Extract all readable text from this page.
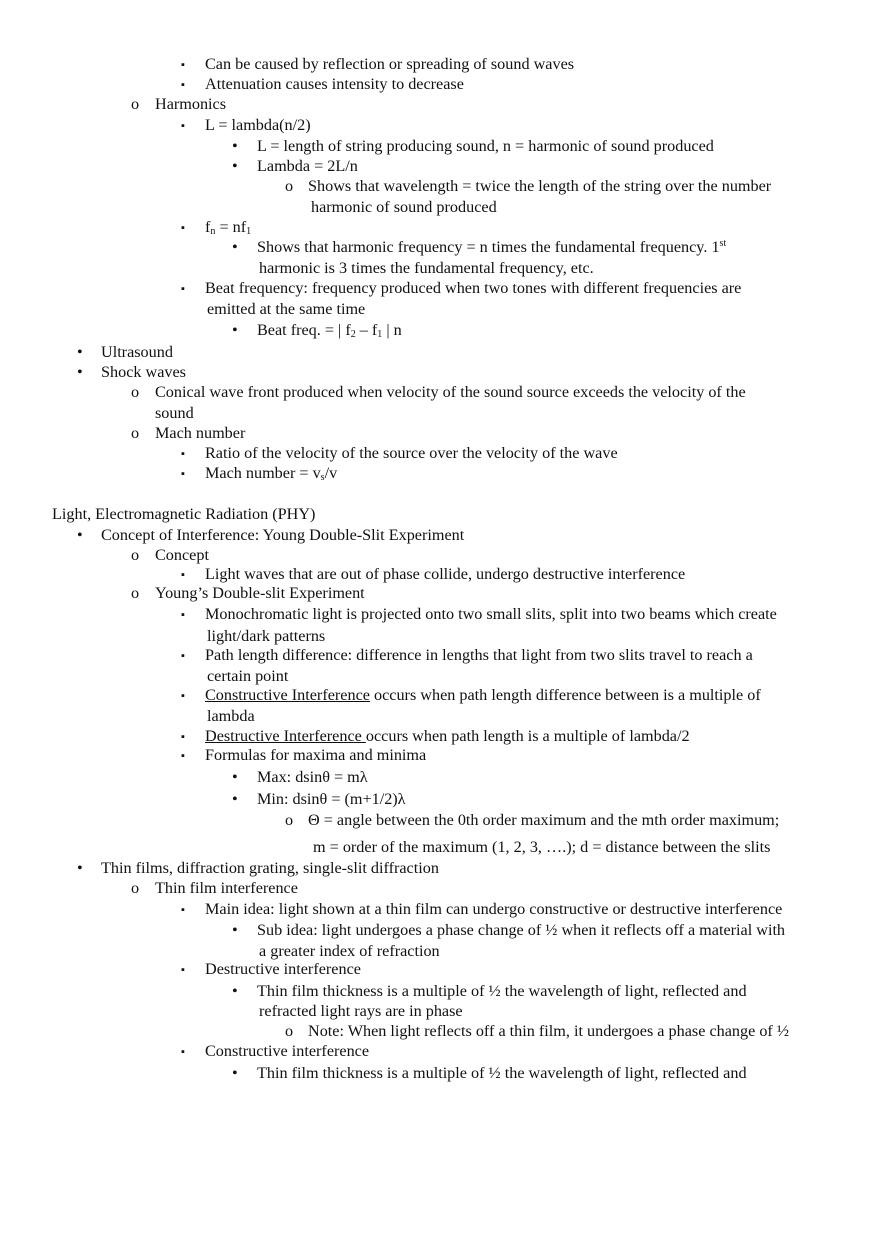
▪ Can be caused by reflection or spreading of sound waves
▪ Attenuation causes intensity to decrease
o Harmonics
▪ L = lambda(n/2)
• L = length of string producing sound, n = harmonic of sound produced
• Lambda = 2L/n
o Shows that wavelength = twice the length of the string over the number
harmonic of sound produced
▪ $f_n = nf_1$
• Shows that harmonic frequency = n times the fundamental frequency. 1st
harmonic is 3 times the fundamental frequency, etc.
▪ Beat frequency: frequency produced when two tones with different frequencies are
emitted at the same time
• Beat freq. = | $f_2 - f_1$ | n
• Ultrasound
• Shock waves
o Conical wave front produced when velocity of the sound source exceeds the velocity of the
sound
o Mach number
▪ Ratio of the velocity of the source over the velocity of the wave
▪ Mach number = $v_s/v$
Light, Electromagnetic Radiation (PHY)
• Concept of Interference: Young Double-Slit Experiment
o Concept
▪ Light waves that are out of phase collide, undergo destructive interference
o Young’s Double-slit Experiment
▪ Monochromatic light is projected onto two small slits, split into two beams which create
light/dark patterns
▪ Path length difference: difference in lengths that light from two slits travel to reach a
certain point
▪ Constructive Interference occurs when path length difference between is a multiple of
lambda
▪ Destructive Interference occurs when path length is a multiple of lambda/2
▪ Formulas for maxima and minima
• Max: dsinθ = mλ
• Min: dsinθ = (m+1/2)λ
o Θ = angle between the 0th order maximum and the mth order maximum;
m = order of the maximum (1, 2, 3, ….); d = distance between the slits
• Thin films, diffraction grating, single-slit diffraction
o Thin film interference
▪ Main idea: light shown at a thin film can undergo constructive or destructive interference
• Sub idea: light undergoes a phase change of ½ when it reflects off a material with
a greater index of refraction
▪ Destructive interference
• Thin film thickness is a multiple of ½ the wavelength of light, reflected and
refracted light rays are in phase
o Note: When light reflects off a thin film, it undergoes a phase change of ½
▪ Constructive interference
• Thin film thickness is a multiple of ½ the wavelength of light, reflected and
